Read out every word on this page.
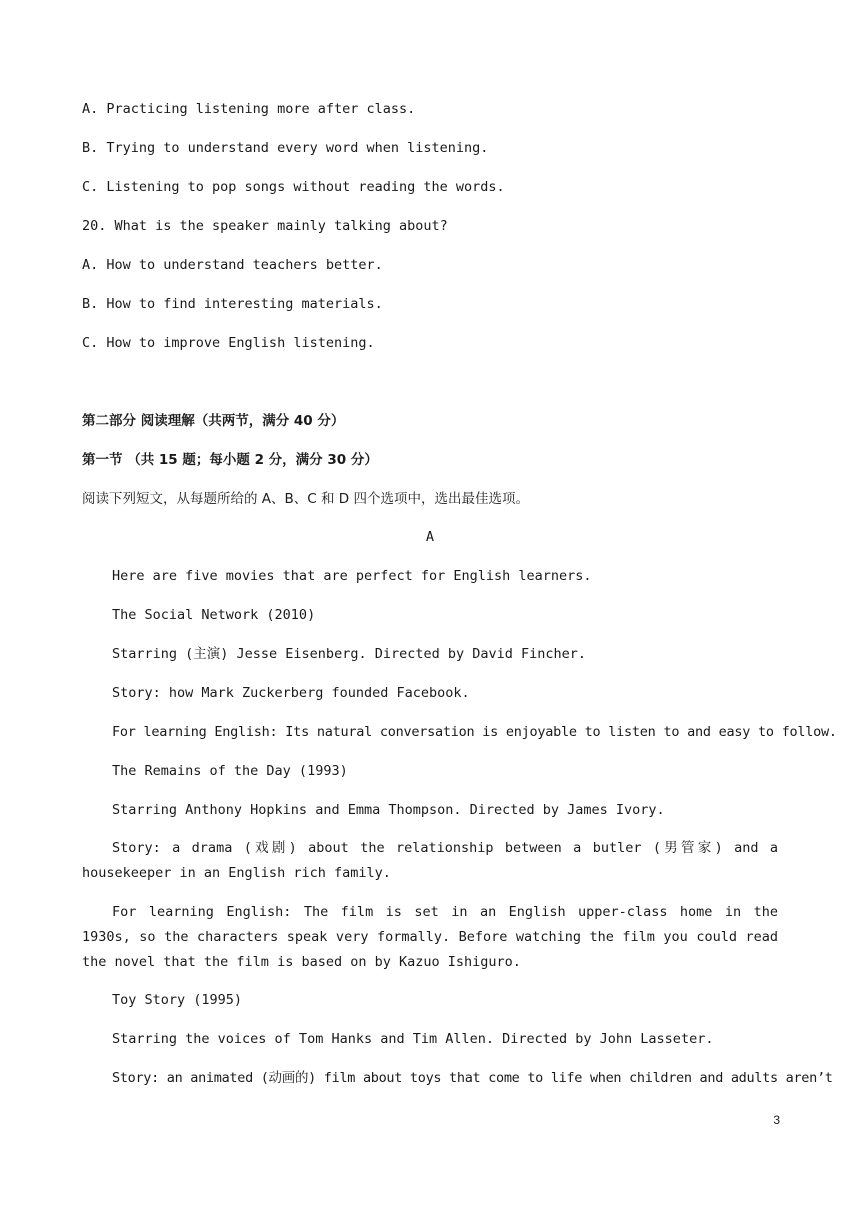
A. Practicing listening more after class.
B. Trying to understand every word when listening.
C. Listening to pop songs without reading the words.
20. What is the speaker mainly talking about?
A. How to understand teachers better.
B. How to find interesting materials.
C. How to improve English listening.
第二部分 阅读理解（共两节，满分 40 分）
第一节 （共 15 题；每小题 2 分，满分 30 分）
阅读下列短文，从每题所给的 A、B、C 和 D 四个选项中，选出最佳选项。
A
Here are five movies that are perfect for English learners.
The Social Network (2010)
Starring (主演) Jesse Eisenberg. Directed by David Fincher.
Story: how Mark Zuckerberg founded Facebook.
For learning English: Its natural conversation is enjoyable to listen to and easy to follow.
The Remains of the Day (1993)
Starring Anthony Hopkins and Emma Thompson. Directed by James Ivory.
Story: a drama (戏剧) about the relationship between a butler (男管家) and a housekeeper in an English rich family.
For learning English: The film is set in an English upper-class home in the 1930s, so the characters speak very formally. Before watching the film you could read the novel that the film is based on by Kazuo Ishiguro.
Toy Story (1995)
Starring the voices of Tom Hanks and Tim Allen. Directed by John Lasseter.
Story: an animated (动画的) film about toys that come to life when children and adults aren’t
3
